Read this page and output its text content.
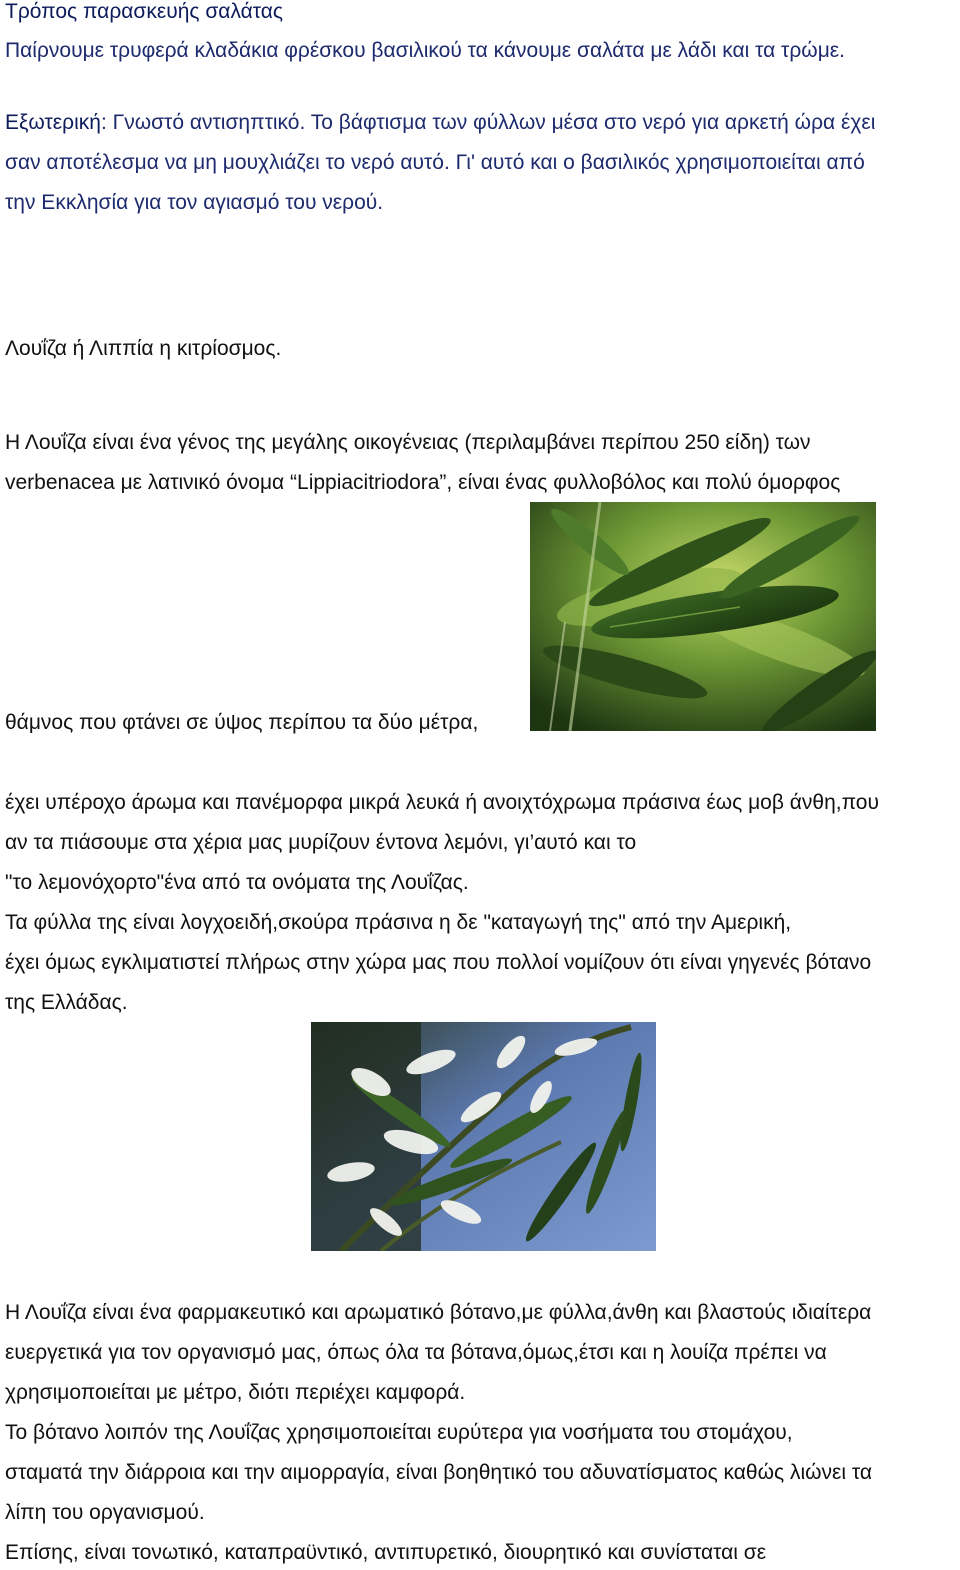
Τρόπος παρασκευής σαλάτας
Παίρνουμε τρυφερά κλαδάκια φρέσκου βασιλικού τα κάνουμε σαλάτα με λάδι και τα τρώμε.
Εξωτερική: Γνωστό αντισηπτικό. Το βάφτισμα των φύλλων μέσα στο νερό για αρκετή ώρα έχει
σαν αποτέλεσμα να μη μουχλιάζει το νερό αυτό. Γι' αυτό και ο βασιλικός χρησιμοποιείται από
την Εκκλησία για τον αγιασμό του νερού.
Λουΐζα ή Λιππία η κιτρίοσμος.
Η Λουΐζα είναι ένα γένος της μεγάλης οικογένειας (περιλαμβάνει περίπου 250 είδη) των
verbenacea με λατινικό όνομα “Lippiacitriodora”, είναι ένας φυλλοβόλος και πολύ όμορφος
θάμνος που φτάνει σε ύψος περίπου τα δύο μέτρα,
έχει υπέροχο άρωμα και πανέμορφα μικρά λευκά ή ανοιχτόχρωμα πράσινα έως μοβ άνθη,που
αν τα πιάσουμε στα χέρια μας μυρίζουν έντονα λεμόνι, γι’αυτό και το
"το λεμονόχορτο"ένα από τα ονόματα της Λουΐζας.
Τα φύλλα της είναι λογχοειδή,σκούρα πράσινα η δε "καταγωγή της" από την Αμερική,
έχει όμως εγκλιματιστεί πλήρως στην χώρα μας που πολλοί νομίζουν ότι είναι γηγενές βότανο
της Ελλάδας.
Η Λουΐζα είναι ένα φαρμακευτικό και αρωματικό βότανο,με φύλλα,άνθη και βλαστούς ιδιαίτερα
ευεργετικά για τον οργανισμό μας, όπως όλα τα βότανα,όμως,έτσι και η λουίζα πρέπει να
χρησιμοποιείται με μέτρο, διότι περιέχει καμφορά.
Το βότανο λοιπόν της Λουΐζας χρησιμοποιείται ευρύτερα για νοσήματα του στομάχου,
σταματά την διάρροια και την αιμορραγία, είναι βοηθητικό του αδυνατίσματος καθώς λιώνει τα
λίπη του οργανισμού.
Επίσης, είναι τονωτικό, καταπραϋντικό, αντιπυρετικό, διουρητικό και συνίσταται σε
